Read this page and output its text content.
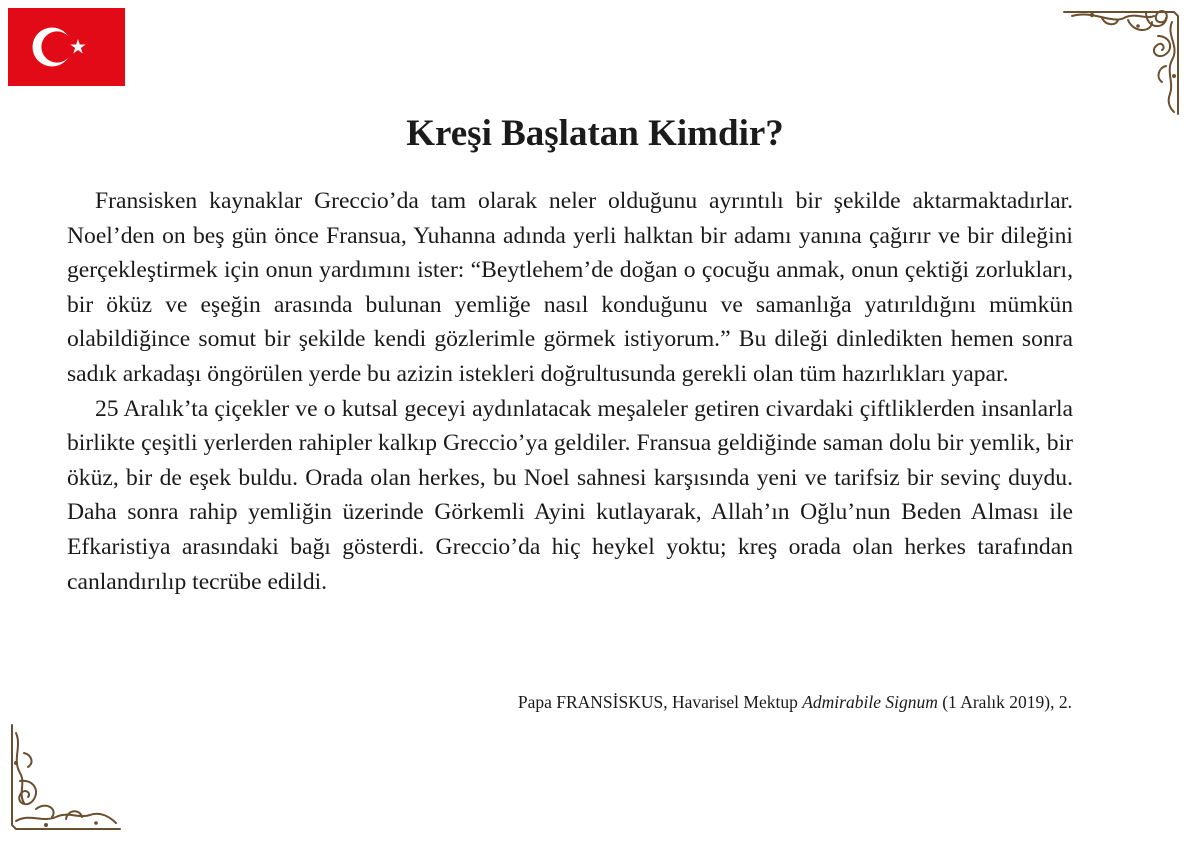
Kreşi Başlatan Kimdir?

Fransisken kaynaklar Greccio’da tam olarak neler olduğunu ayrıntılı bir şekilde aktarmaktadırlar. Noel’den on beş gün önce Fransua, Yuhanna adında yerli halktan bir adamı yanına çağırır ve bir dileğini gerçekleştirmek için onun yardımını ister: “Beytlehem’de doğan o çocuğu anmak, onun çektiği zorlukları, bir öküz ve eşeğin arasında bulunan yemliğe nasıl konduğunu ve samanlığa yatırıldığını mümkün olabildiğince somut bir şekilde kendi gözlerimle görmek istiyorum.” Bu dileği dinledikten hemen sonra sadık arkadaşı öngörülen yerde bu azizin istekleri doğrultusunda gerekli olan tüm hazırlıkları yapar.

25 Aralık’ta çiçekler ve o kutsal geceyi aydınlatacak meşaleler getiren civardaki çiftliklerden insanlarla birlikte çeşitli yerlerden rahipler kalkıp Greccio’ya geldiler. Fransua geldiğinde saman dolu bir yemlik, bir öküz, bir de eşek buldu. Orada olan herkes, bu Noel sahnesi karşısında yeni ve tarifsiz bir sevinç duydu. Daha sonra rahip yemliğin üzerinde Görkemli Ayini kutlayarak, Allah’ın Oğlu’nun Beden Alması ile Efkaristiya arasındaki bağı gösterdi. Greccio’da hiç heykel yoktu; kreş orada olan herkes tarafından canlandırılıp tecrübe edildi.

Papa FRANSİSKUS, Havarisel Mektup Admirabile Signum (1 Aralık 2019), 2.
